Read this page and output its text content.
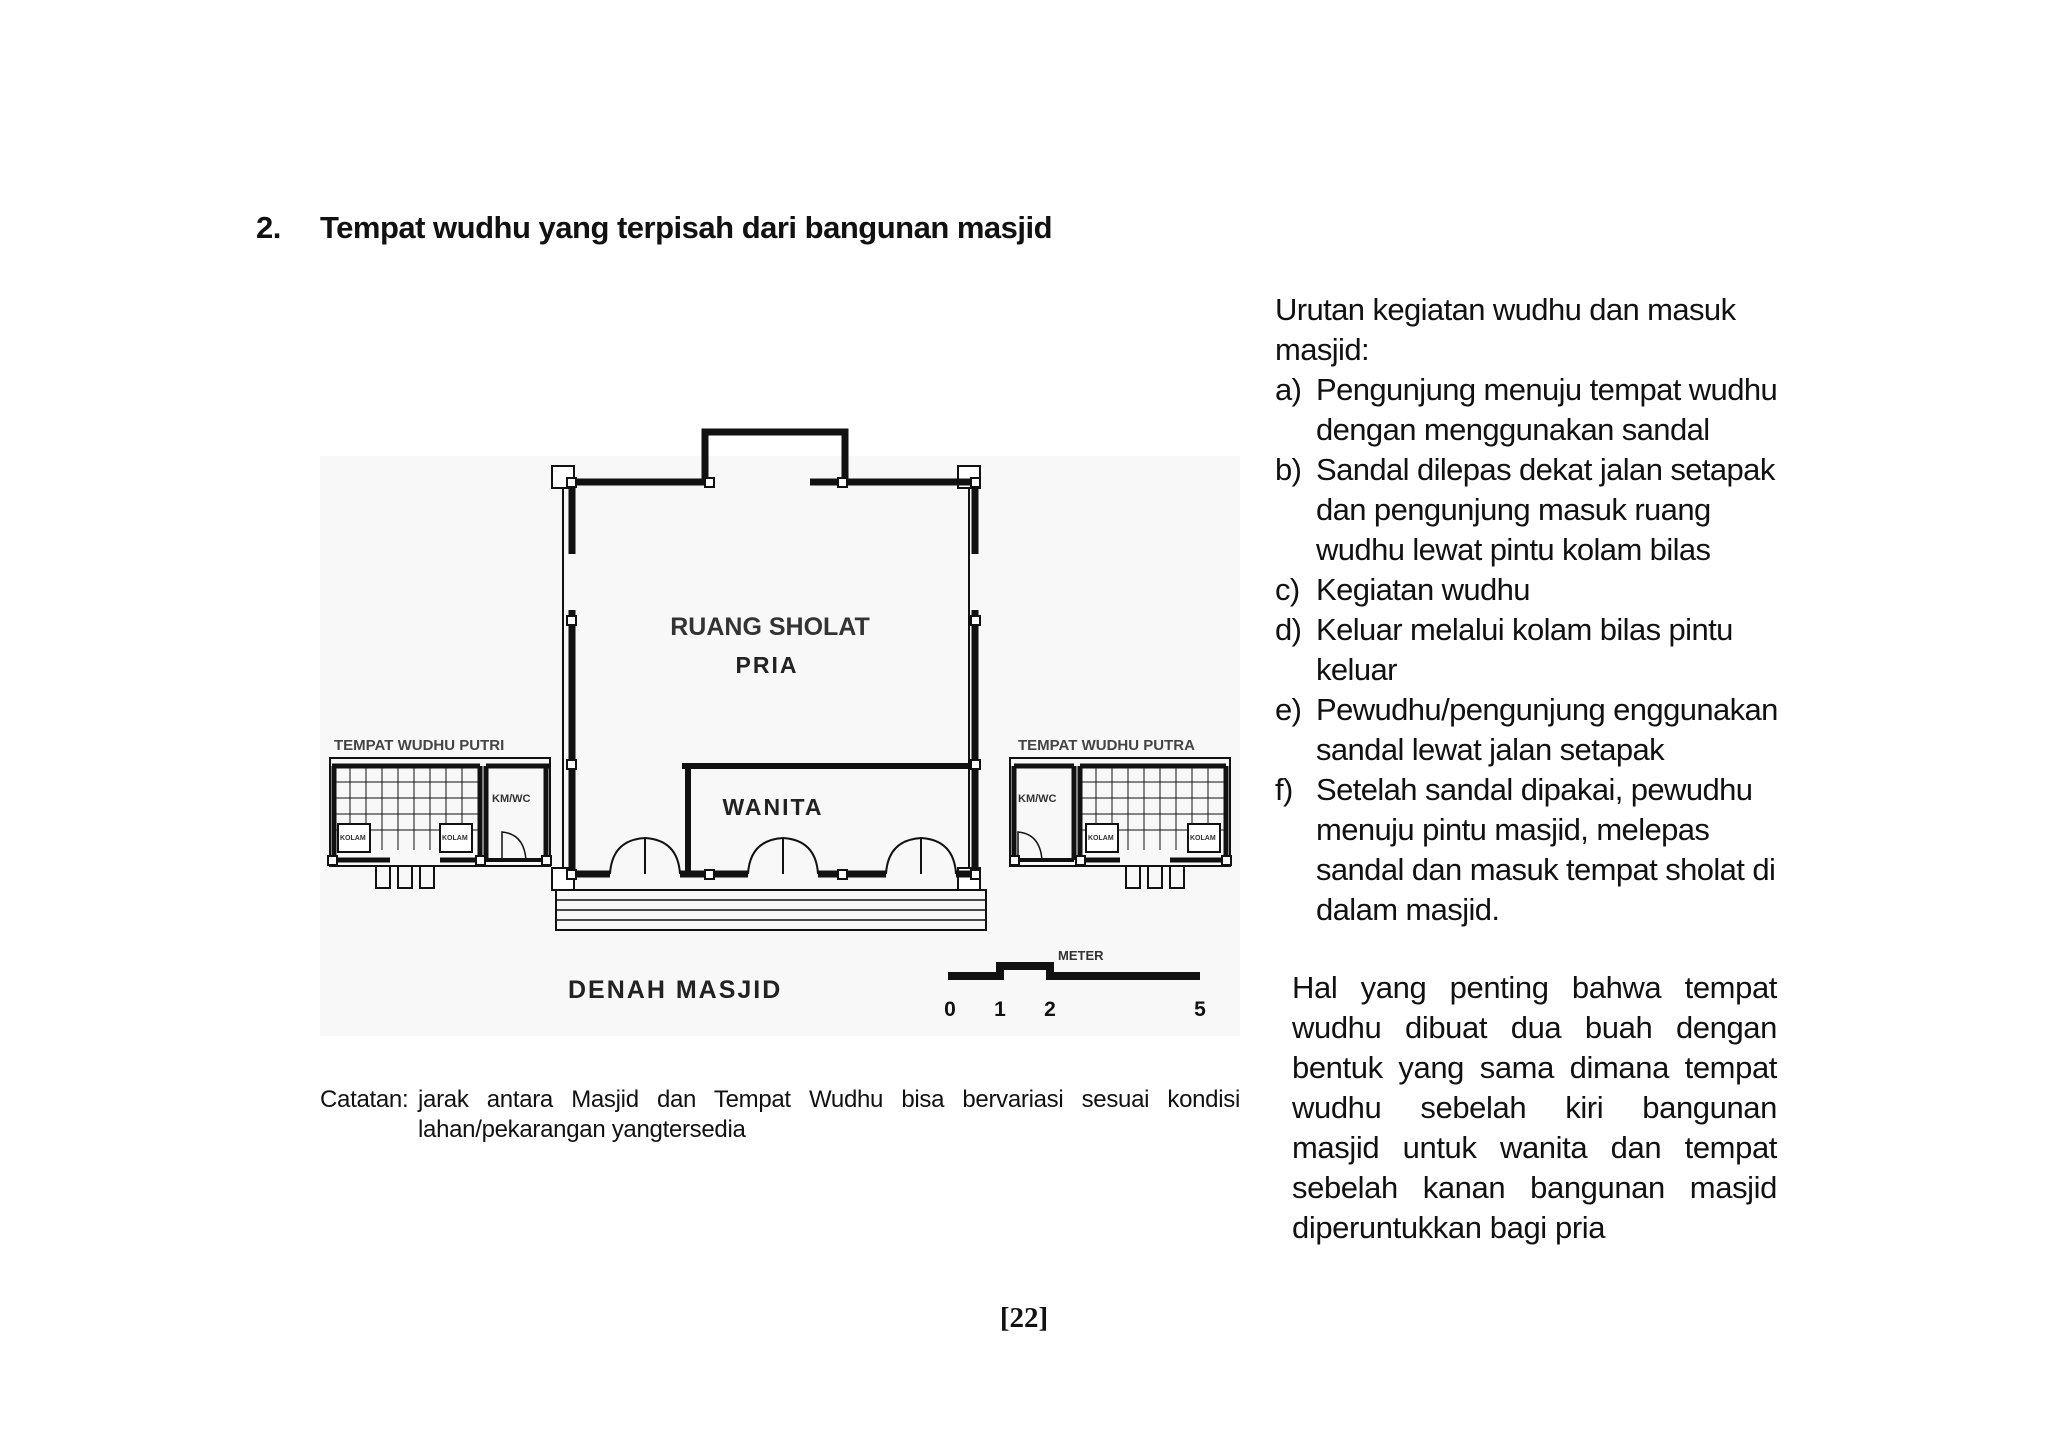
2. Tempat wudhu yang terpisah dari bangunan masjid
RUANG SHOLAT
PRIA
WANITA
TEMPAT WUDHU PUTRI
KM/WC
KOLAM	KOLAM
TEMPAT WUDHU PUTRA
KM/WC
KOLAM	KOLAM
DENAH MASJID
METER
0 1 2	5
Catatan: jarak antara Masjid dan Tempat Wudhu bisa bervariasi sesuai kondisi
lahan/pekarangan yangtersedia
Urutan kegiatan wudhu dan masuk masjid:
a) Pengunjung menuju tempat wudhu dengan menggunakan sandal
b) Sandal dilepas dekat jalan setapak dan pengunjung masuk ruang wudhu lewat pintu kolam bilas
c) Kegiatan wudhu
d) Keluar melalui kolam bilas pintu keluar
e) Pewudhu/pengunjung enggunakan sandal lewat jalan setapak
f) Setelah sandal dipakai, pewudhu menuju pintu masjid, melepas sandal dan masuk tempat sholat di dalam masjid.
Hal yang penting bahwa tempat wudhu dibuat dua buah dengan bentuk yang sama dimana tempat wudhu sebelah kiri bangunan masjid untuk wanita dan tempat sebelah kanan bangunan masjid diperuntukkan bagi pria
[22]
